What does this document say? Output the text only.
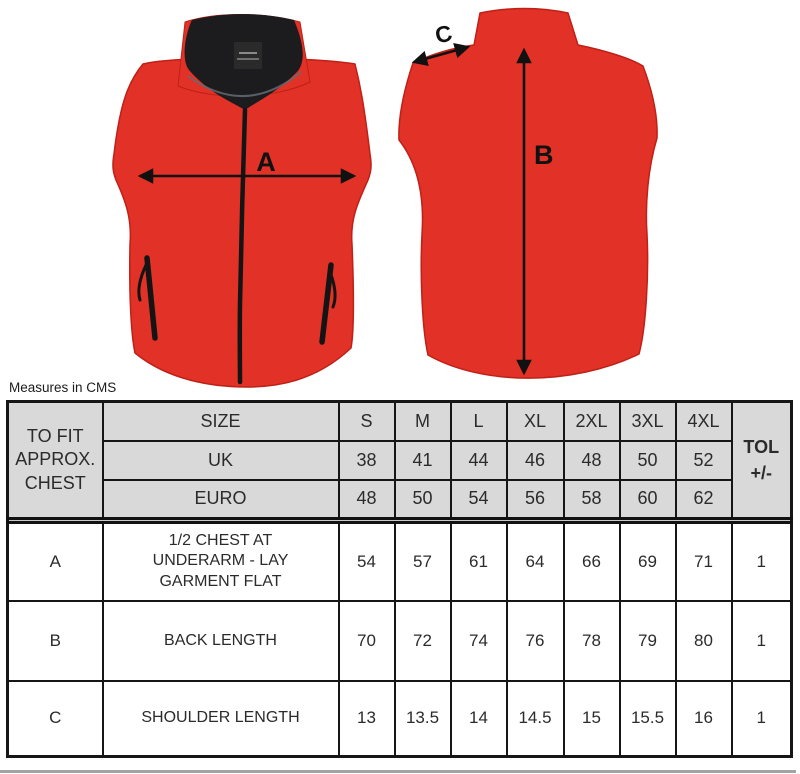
A	B
C
Measures in CMS
TO FIT APPROX. CHEST	SIZE	S	M	L	XL	2XL	3XL	4XL	TOL
+/-

	UK	38	41	44	46	48	50	52	
	EURO	48	50	54	56	58	60	62	

A	1/2 CHEST AT UNDERARM - LAY GARMENT FLAT	54	57	61	64	66	69	71	1
B	BACK LENGTH	70	72	74	76	78	79	80	1
C	SHOULDER LENGTH	13	13.5	14	14.5	15	15.5	16	1
